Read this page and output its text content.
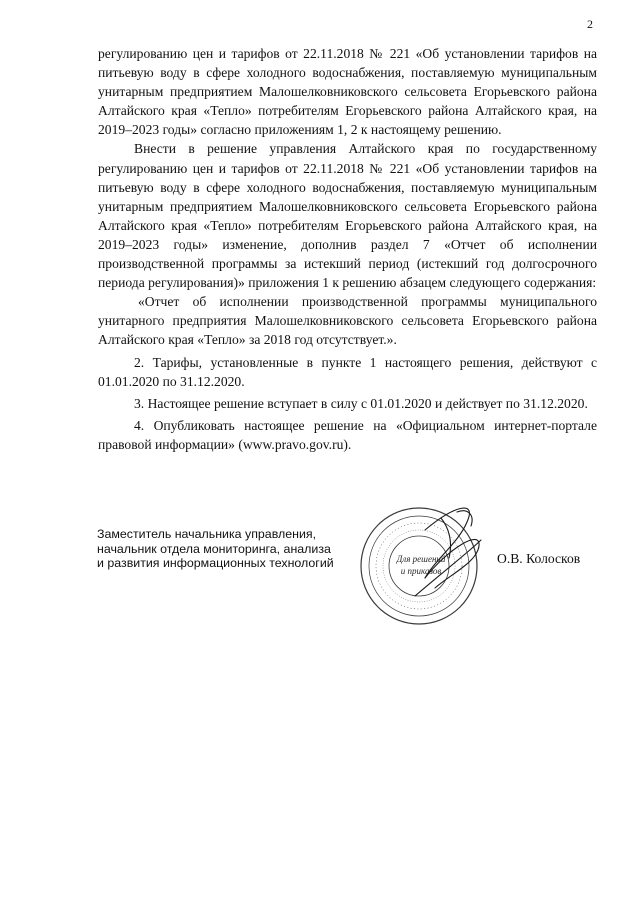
2

регулированию цен и тарифов от 22.11.2018 № 221 «Об установлении тарифов на питьевую воду в сфере холодного водоснабжения, поставляемую муниципальным унитарным предприятием Малошелковниковского сельсовета Егорьевского района Алтайского края «Тепло» потребителям Егорьевского района Алтайского края, на 2019–2023 годы» согласно приложениям 1, 2 к настоящему решению.

Внести в решение управления Алтайского края по государственному регулированию цен и тарифов от 22.11.2018 № 221 «Об установлении тарифов на питьевую воду в сфере холодного водоснабжения, поставляемую муниципальным унитарным предприятием Малошелковниковского сельсовета Егорьевского района Алтайского края «Тепло» потребителям Егорьевского района Алтайского края, на 2019–2023 годы» изменение, дополнив раздел 7 «Отчет об исполнении производственной программы за истекший период (истекший год долгосрочного периода регулирования)» приложения 1 к решению абзацем следующего содержания:

«Отчет об исполнении производственной программы муниципального унитарного предприятия Малошелковниковского сельсовета Егорьевского района Алтайского края «Тепло» за 2018 год отсутствует.».

2. Тарифы, установленные в пункте 1 настоящего решения, действуют с 01.01.2020 по 31.12.2020.

3. Настоящее решение вступает в силу с 01.01.2020 и действует по 31.12.2020.

4. Опубликовать настоящее решение на «Официальном интернет-портале правовой информации» (www.pravo.gov.ru).

Заместитель начальника управления,
начальник отдела мониторинга, анализа
и развития информационных технологий	Для решений
и приказов
О.В. Колосков
